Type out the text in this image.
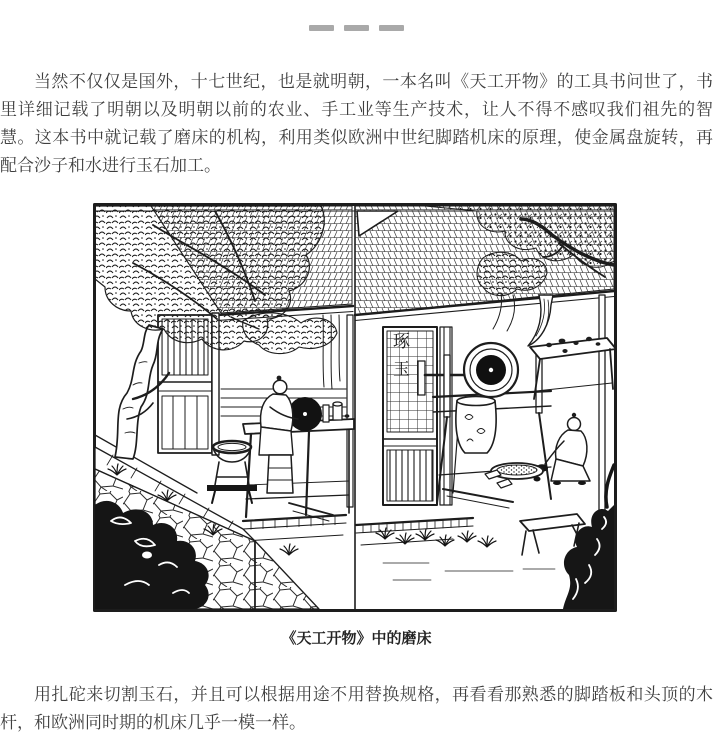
当然不仅仅是国外，十七世纪，也是就明朝，一本名叫《天工开物》的工具书问世了，书里详细记载了明朝以及明朝以前的农业、手工业等生产技术，让人不得不感叹我们祖先的智慧。这本书中就记载了磨床的机构，利用类似欧洲中世纪脚踏机床的原理，使金属盘旋转，再配合沙子和水进行玉石加工。

琢
玉
《天工开物》中的磨床

用扎砣来切割玉石，并且可以根据用途不用替换规格，再看看那熟悉的脚踏板和头顶的木杆，和欧洲同时期的机床几乎一模一样。
